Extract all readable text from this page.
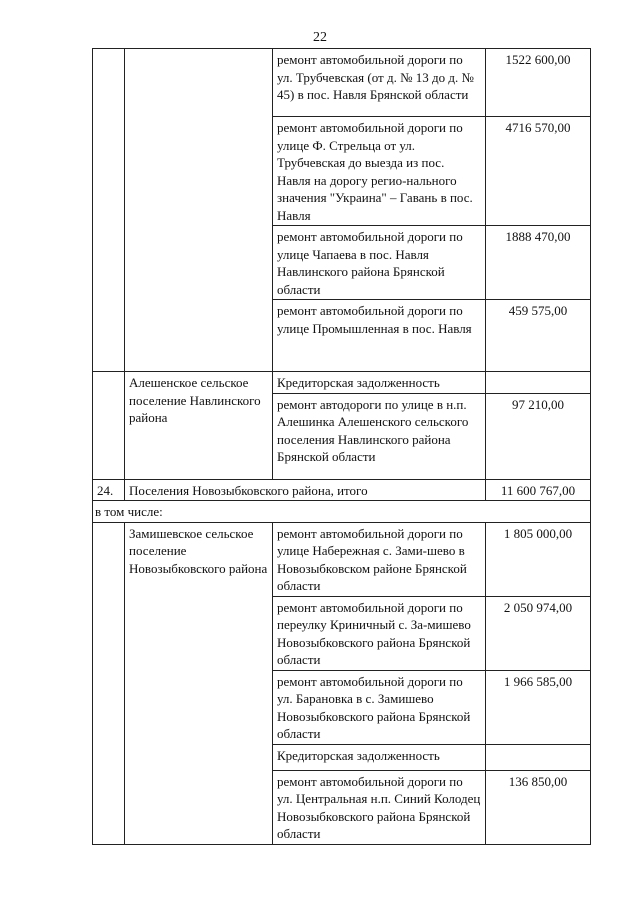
22
		ремонт автомобильной дороги по ул. Трубчевская (от д. № 13 до д. № 45) в пос. Навля Брянской области	1522 600,00
		ремонт автомобильной дороги по улице Ф. Стрельца от ул. Трубчевская до выезда из пос. Навля на дорогу регио-нального значения "Украина" – Гавань в пос. Навля	4716 570,00
		ремонт автомобильной дороги по улице Чапаева в пос. Навля Навлинского района Брянской области	1888 470,00
		ремонт автомобильной дороги по улице Промышленная в пос. Навля	459 575,00
	Алешенское сельское поселение Навлинского района	Кредиторская задолженность	
		ремонт автодороги по улице в н.п. Алешинка Алешенского сельского поселения Навлинского района Брянской области	97 210,00
24.	Поселения Новозыбковского района, итого		11 600 767,00
в том числе:			
	Замишевское сельское поселение Новозыбковского района	ремонт автомобильной дороги по улице Набережная с. Зами-шево в Новозыбковском районе Брянской области	1 805 000,00
		ремонт автомобильной дороги по переулку Криничный с. За-мишево Новозыбковского района Брянской области	2 050 974,00
		ремонт автомобильной дороги по ул. Барановка в с. Замишево Новозыбковского района Брянской области	1 966 585,00
		Кредиторская задолженность	
		ремонт автомобильной дороги по ул. Центральная н.п. Синий Колодец Новозыбковского района Брянской области	136 850,00
